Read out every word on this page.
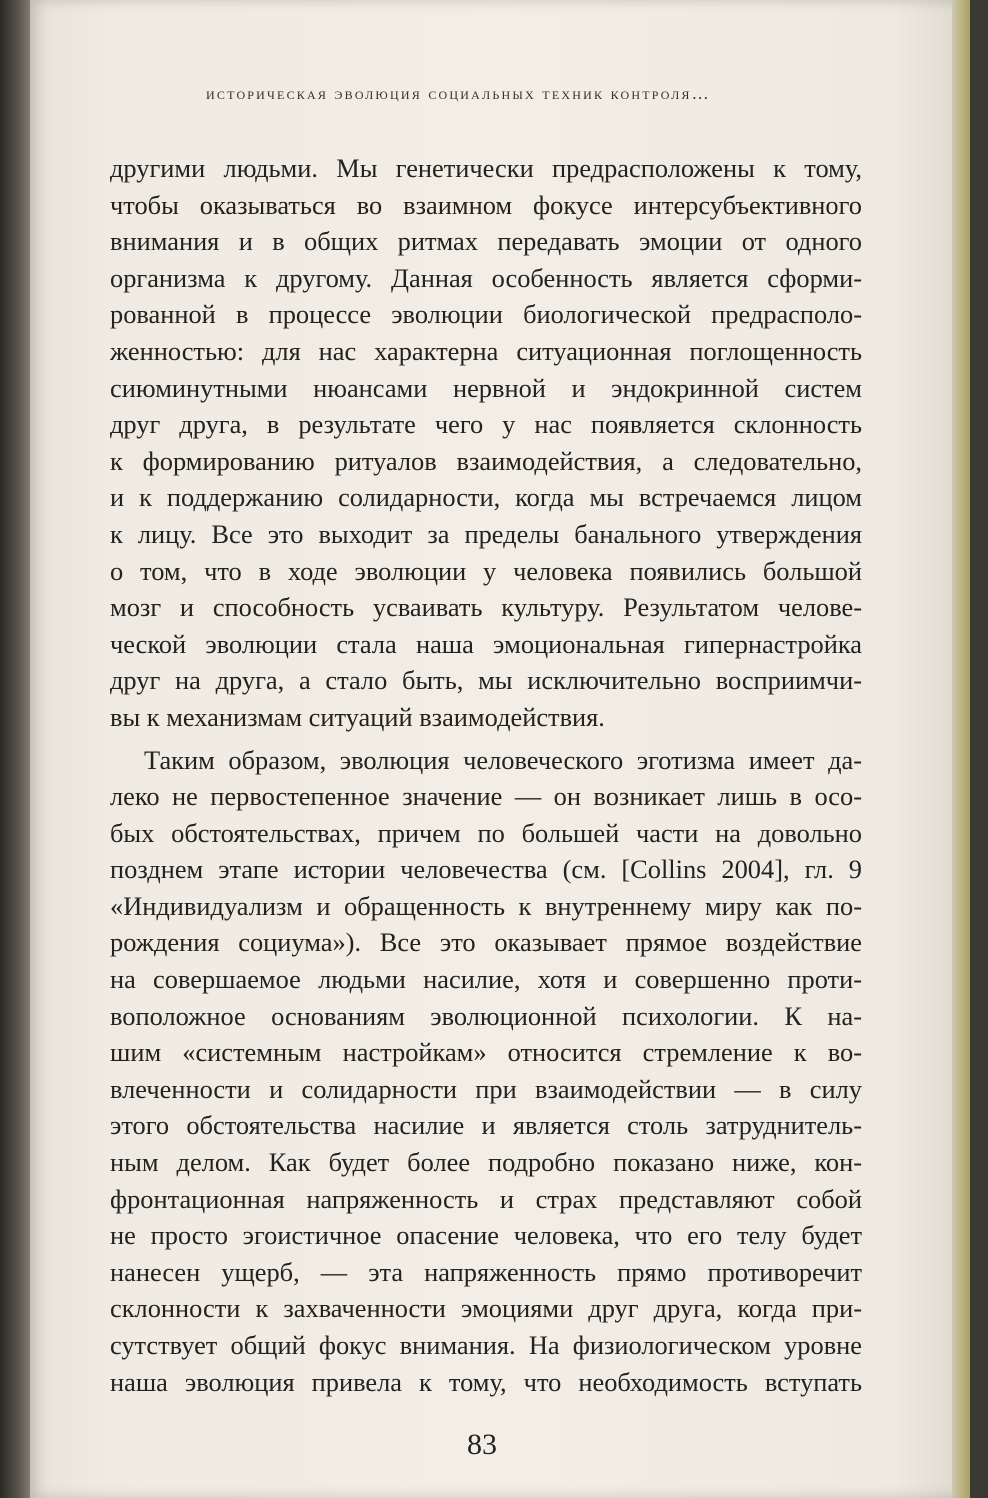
историческая эволюция социальных техник контроля…
другими людьми. Мы генетически предрасположены к тому,
чтобы оказываться во взаимном фокусе интерсубъективного
внимания и в общих ритмах передавать эмоции от одного
организма к другому. Данная особенность является сформи-
рованной в процессе эволюции биологической предрасполо-
женностью: для нас характерна ситуационная поглощенность
сиюминутными нюансами нервной и эндокринной систем
друг друга, в результате чего у нас появляется склонность
к формированию ритуалов взаимодействия, а следовательно,
и к поддержанию солидарности, когда мы встречаемся лицом
к лицу. Все это выходит за пределы банального утверждения
о том, что в ходе эволюции у человека появились большой
мозг и способность усваивать культуру. Результатом челове-
ческой эволюции стала наша эмоциональная гипернастройка
друг на друга, а стало быть, мы исключительно восприимчи-
вы к механизмам ситуаций взаимодействия.
Таким образом, эволюция человеческого эготизма имеет да-
леко не первостепенное значение — он возникает лишь в осо-
бых обстоятельствах, причем по большей части на довольно
позднем этапе истории человечества (см. [Collins 2004], гл. 9
«Индивидуализм и обращенность к внутреннему миру как по-
рождения социума»). Все это оказывает прямое воздействие
на совершаемое людьми насилие, хотя и совершенно проти-
воположное основаниям эволюционной психологии. К на-
шим «системным настройкам» относится стремление к во-
влеченности и солидарности при взаимодействии — в силу
этого обстоятельства насилие и является столь затруднитель-
ным делом. Как будет более подробно показано ниже, кон-
фронтационная напряженность и страх представляют собой
не просто эгоистичное опасение человека, что его телу будет
нанесен ущерб, — эта напряженность прямо противоречит
склонности к захваченности эмоциями друг друга, когда при-
сутствует общий фокус внимания. На физиологическом уровне
наша эволюция привела к тому, что необходимость вступать
83
